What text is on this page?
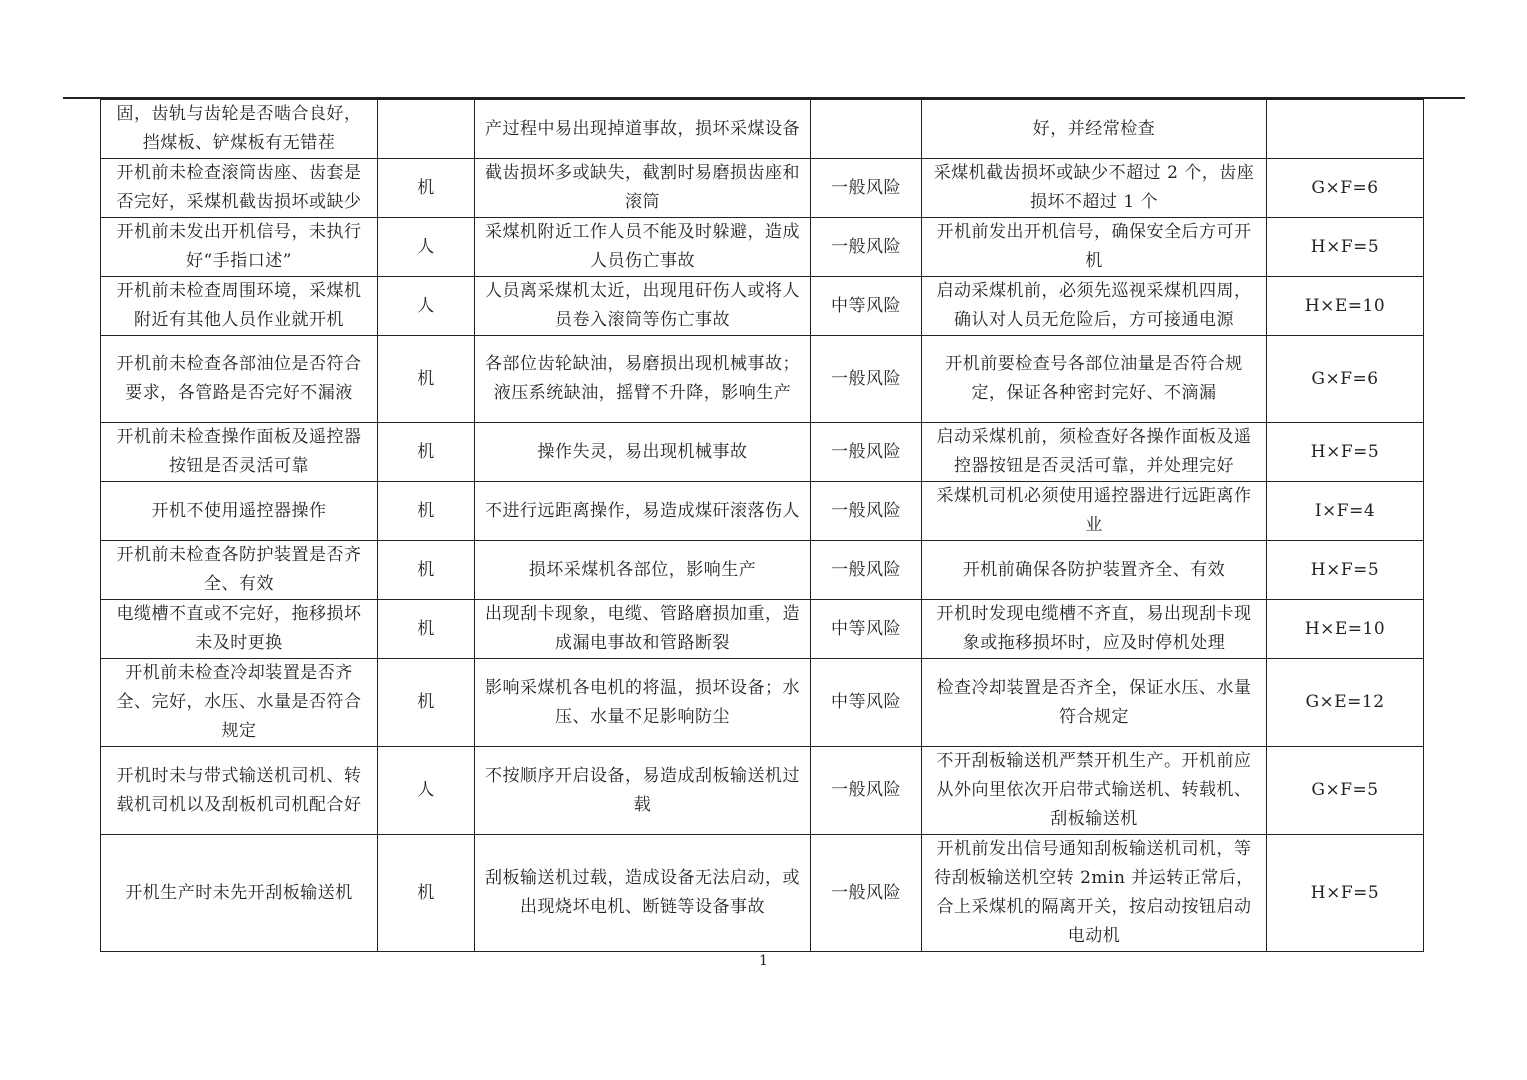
固，齿轨与齿轮是否啮合良好，挡煤板、铲煤板有无错茬		产过程中易出现掉道事故，损坏采煤设备		好，并经常检查	
开机前未检查滚筒齿座、齿套是否完好，采煤机截齿损坏或缺少	机	截齿损坏多或缺失，截割时易磨损齿座和滚筒	一般风险	采煤机截齿损坏或缺少不超过 2 个，齿座损坏不超过 1 个	G×F=6
开机前未发出开机信号，未执行好“手指口述”	人	采煤机附近工作人员不能及时躲避，造成人员伤亡事故	一般风险	开机前发出开机信号，确保安全后方可开机	H×F=5
开机前未检查周围环境，采煤机附近有其他人员作业就开机	人	人员离采煤机太近，出现甩矸伤人或将人员卷入滚筒等伤亡事故	中等风险	启动采煤机前，必须先巡视采煤机四周，确认对人员无危险后，方可接通电源	H×E=10
开机前未检查各部油位是否符合要求，各管路是否完好不漏液	机	各部位齿轮缺油，易磨损出现机械事故；液压系统缺油，摇臂不升降，影响生产	一般风险	开机前要检查号各部位油量是否符合规定，保证各种密封完好、不滴漏	G×F=6
开机前未检查操作面板及遥控器按钮是否灵活可靠	机	操作失灵，易出现机械事故	一般风险	启动采煤机前，须检查好各操作面板及遥控器按钮是否灵活可靠，并处理完好	H×F=5
开机不使用遥控器操作	机	不进行远距离操作，易造成煤矸滚落伤人	一般风险	采煤机司机必须使用遥控器进行远距离作业	I×F=4
开机前未检查各防护装置是否齐全、有效	机	损坏采煤机各部位，影响生产	一般风险	开机前确保各防护装置齐全、有效	H×F=5
电缆槽不直或不完好，拖移损坏未及时更换	机	出现刮卡现象，电缆、管路磨损加重，造成漏电事故和管路断裂	中等风险	开机时发现电缆槽不齐直，易出现刮卡现象或拖移损坏时，应及时停机处理	H×E=10
开机前未检查冷却装置是否齐全、完好，水压、水量是否符合规定	机	影响采煤机各电机的将温，损坏设备；水压、水量不足影响防尘	中等风险	检查冷却装置是否齐全，保证水压、水量符合规定	G×E=12
开机时未与带式输送机司机、转载机司机以及刮板机司机配合好	人	不按顺序开启设备，易造成刮板输送机过载	一般风险	不开刮板输送机严禁开机生产。开机前应从外向里依次开启带式输送机、转载机、刮板输送机	G×F=5
开机生产时未先开刮板输送机	机	刮板输送机过载，造成设备无法启动，或出现烧坏电机、断链等设备事故	一般风险	开机前发出信号通知刮板输送机司机，等待刮板输送机空转 2min 并运转正常后，合上采煤机的隔离开关，按启动按钮启动电动机	H×F=5
1
